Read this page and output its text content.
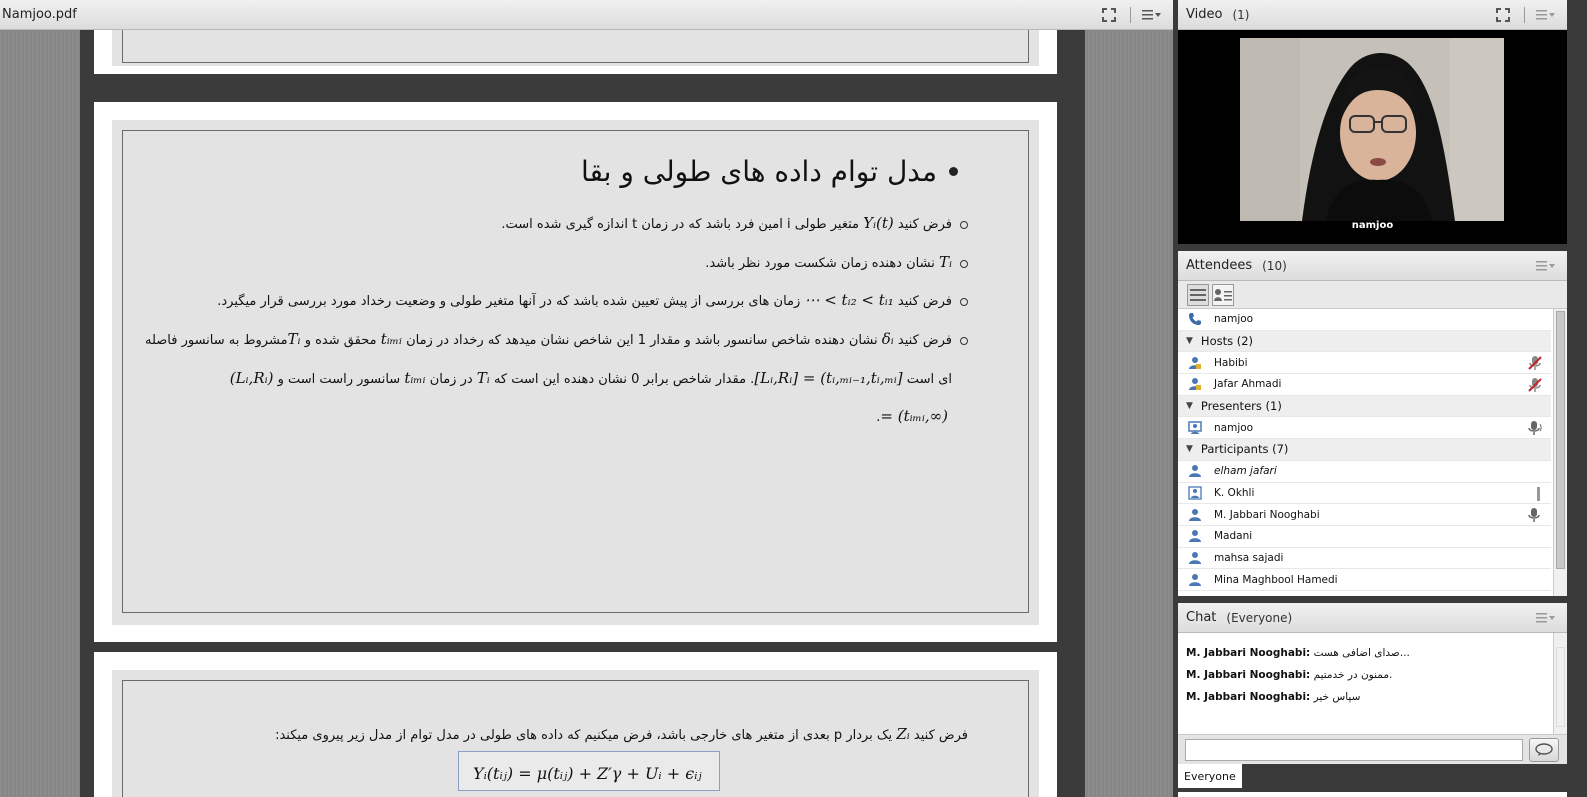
Namjoo.pdf
مدل توام داده های طولی و بقا
فرض کنید Yᵢ(t) متغیر طولی i امین فرد باشد که در زمان t اندازه گیری شده است.
Tᵢ نشان دهنده زمان شکست مورد نظر باشد.
فرض کنید ⋯ < tᵢ₂ < tᵢ₁ زمان های بررسی از پیش تعیین شده باشد که در آنها متغیر طولی و وضعیت رخداد مورد بررسی قرار میگیرد.
فرض کنید δᵢ نشان دهنده شاخص سانسور باشد و مقدار 1 این شاخص نشان میدهد که رخداد در زمان tᵢₘᵢ محقق شده و Tᵢمشروط به سانسور فاصله
ای است [Lᵢ,Rᵢ] = (tᵢ,ₘᵢ₋₁,tᵢ,ₘᵢ]. مقدار شاخص برابر 0 نشان دهنده این است که Tᵢ در زمان tᵢₘᵢ سانسور راست است و (Lᵢ,Rᵢ)
= (tᵢₘᵢ,∞).
فرض کنید Zᵢ یک بردار p بعدی از متغیر های خارجی باشد، فرض میکنیم که داده های طولی در مدل توام از مدل زیر پیروی میکند:
Yᵢ(tᵢⱼ) = μ(tᵢⱼ) + Z′γ + Uᵢ + ϵᵢⱼ
Video (1)
namjoo
Attendees (10)
namjoo
▼ Hosts (2)
Habibi
Jafar Ahmadi
▼ Presenters (1)
namjoo
▼ Participants (7)
elham jafari
K. Okhli
M. Jabbari Nooghabi
Madani
mahsa sajadi
Mina Maghbool Hamedi
Chat (Everyone)
M. Jabbari Nooghabi: صدای اضافی هست...
M. Jabbari Nooghabi: ممنون در خدمتیم.
M. Jabbari Nooghabi: سپاس خیر
Everyone
